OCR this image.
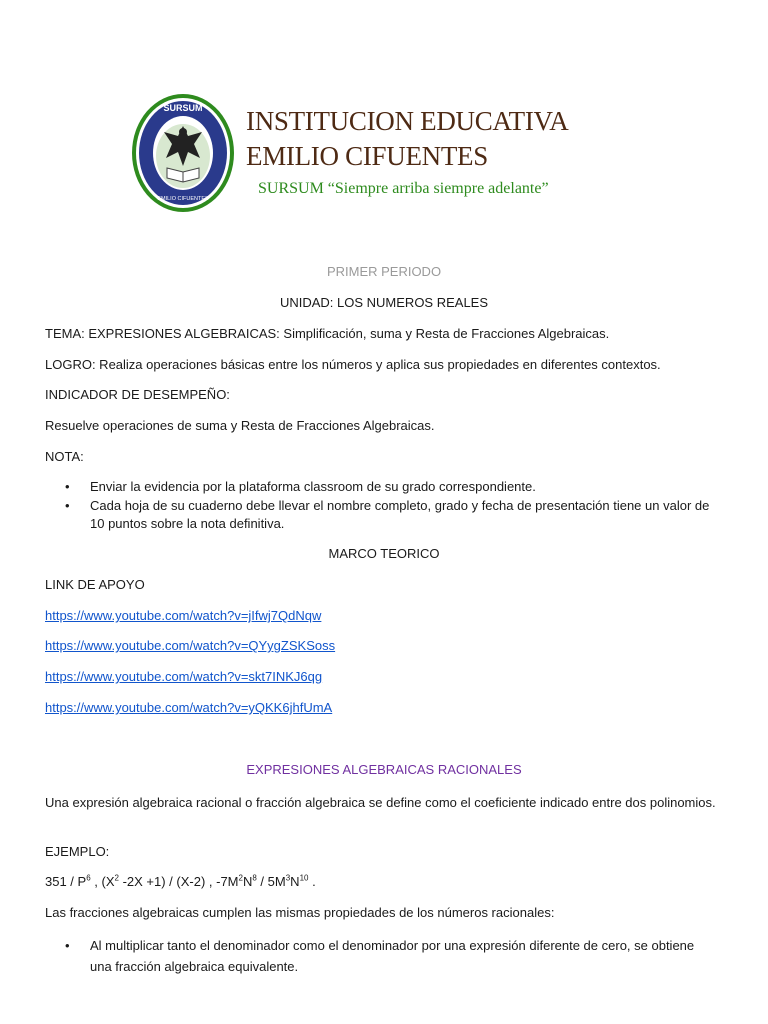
SURSUM
EMILIO CIFUENTES
INSTITUCION EDUCATIVA
EMILIO CIFUENTES
SURSUM “Siempre arriba siempre adelante”
PRIMER PERIODO
UNIDAD: LOS NUMEROS REALES
TEMA: EXPRESIONES ALGEBRAICAS: Simplificación, suma y Resta de Fracciones Algebraicas.
LOGRO: Realiza operaciones básicas entre los números y aplica sus propiedades en diferentes contextos.
INDICADOR DE DESEMPEÑO:
Resuelve operaciones de suma y Resta de Fracciones Algebraicas.
NOTA:
• Enviar la evidencia por la plataforma classroom de su grado correspondiente.
• Cada hoja de su cuaderno debe llevar el nombre completo, grado y fecha de presentación tiene un valor de 10 puntos sobre la nota definitiva.
MARCO TEORICO
LINK DE APOYO
https://www.youtube.com/watch?v=jIfwj7QdNqw
https://www.youtube.com/watch?v=QYygZSKSoss
https://www.youtube.com/watch?v=skt7INKJ6qg
https://www.youtube.com/watch?v=yQKK6jhfUmA
EXPRESIONES ALGEBRAICAS RACIONALES
Una expresión algebraica racional o fracción algebraica se define como el coeficiente indicado entre dos polinomios.
EJEMPLO:
$351 / P^6$ , ($X^2$ -2X +1) / (X-2) , $-7M^2N^8 / 5M^3N^{10}$ .
Las fracciones algebraicas cumplen las mismas propiedades de los números racionales:
• Al multiplicar tanto el denominador como el denominador por una expresión diferente de cero, se obtiene una fracción algebraica equivalente.
